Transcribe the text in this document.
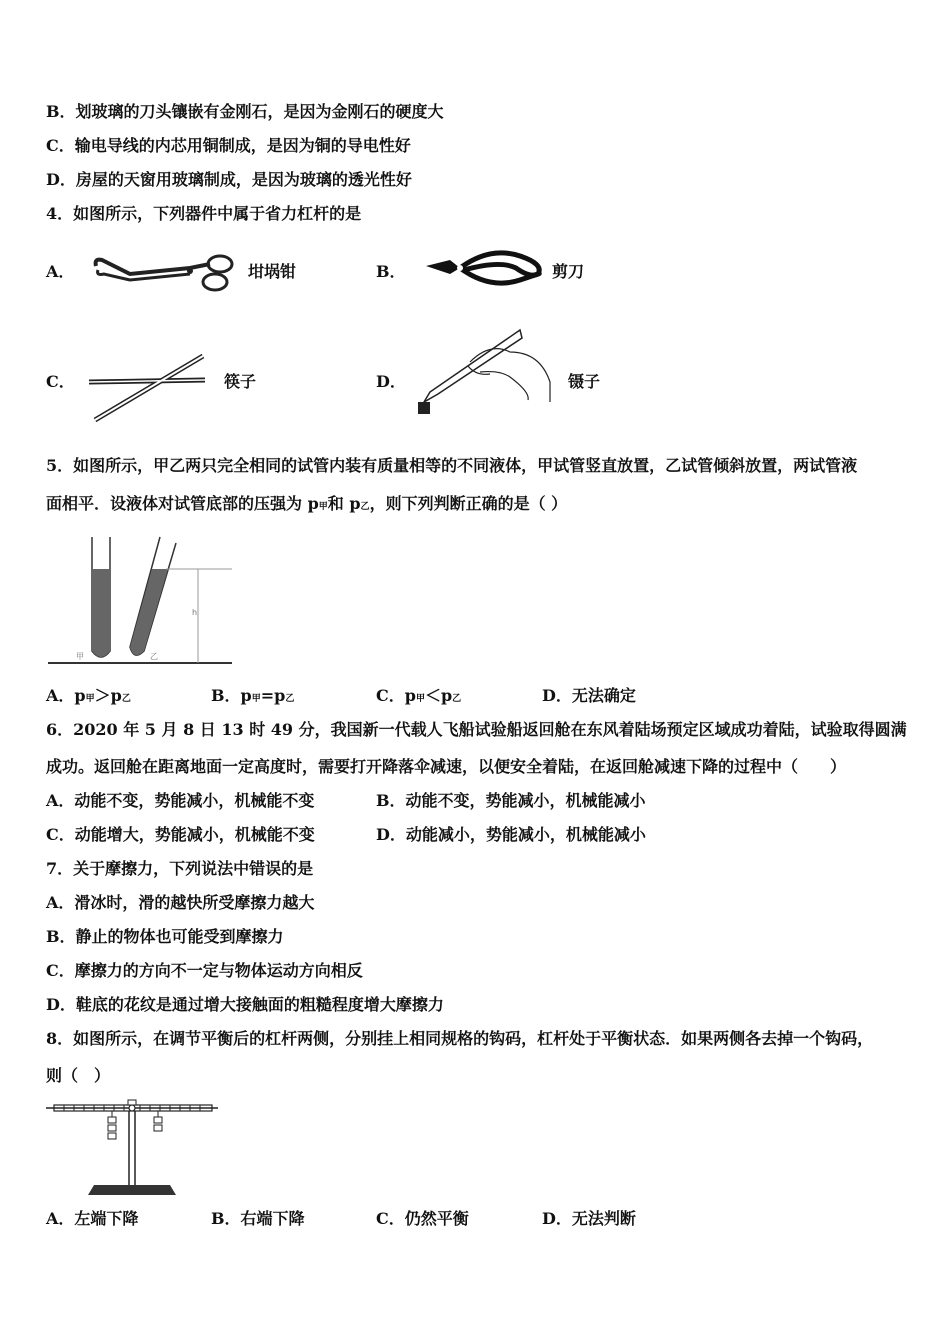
B．划玻璃的刀头镶嵌有金刚石，是因为金刚石的硬度大
C．输电导线的内芯用铜制成，是因为铜的导电性好
D．房屋的天窗用玻璃制成，是因为玻璃的透光性好
4．如图所示，下列器件中属于省力杠杆的是
A．	坩埚钳	B．	剪刀
C．	筷子	D．	镊子
5．如图所示，甲乙两只完全相同的试管内装有质量相等的不同液体，甲试管竖直放置，乙试管倾斜放置，两试管液
面相平．设液体对试管底部的压强为 p甲和 p乙，则下列判断正确的是（ ）
甲	乙
h
A．p甲＞p乙	B．p甲=p乙	C．p甲＜p乙	D．无法确定
6．2020 年 5 月 8 日 13 时 49 分，我国新一代载人飞船试验船返回舱在东风着陆场预定区域成功着陆，试验取得圆满
成功。返回舱在距离地面一定高度时，需要打开降落伞减速，以便安全着陆，在返回舱减速下降的过程中（　　）
A．动能不变，势能减小，机械能不变	B．动能不变，势能减小，机械能减小
C．动能增大，势能减小，机械能不变	D．动能减小，势能减小，机械能减小
7．关于摩擦力，下列说法中错误的是
A．滑冰时，滑的越快所受摩擦力越大
B．静止的物体也可能受到摩擦力
C．摩擦力的方向不一定与物体运动方向相反
D．鞋底的花纹是通过增大接触面的粗糙程度增大摩擦力
8．如图所示，在调节平衡后的杠杆两侧，分别挂上相同规格的钩码，杠杆处于平衡状态．如果两侧各去掉一个钩码，
则（　）
A．左端下降	B．右端下降	C．仍然平衡	D．无法判断
